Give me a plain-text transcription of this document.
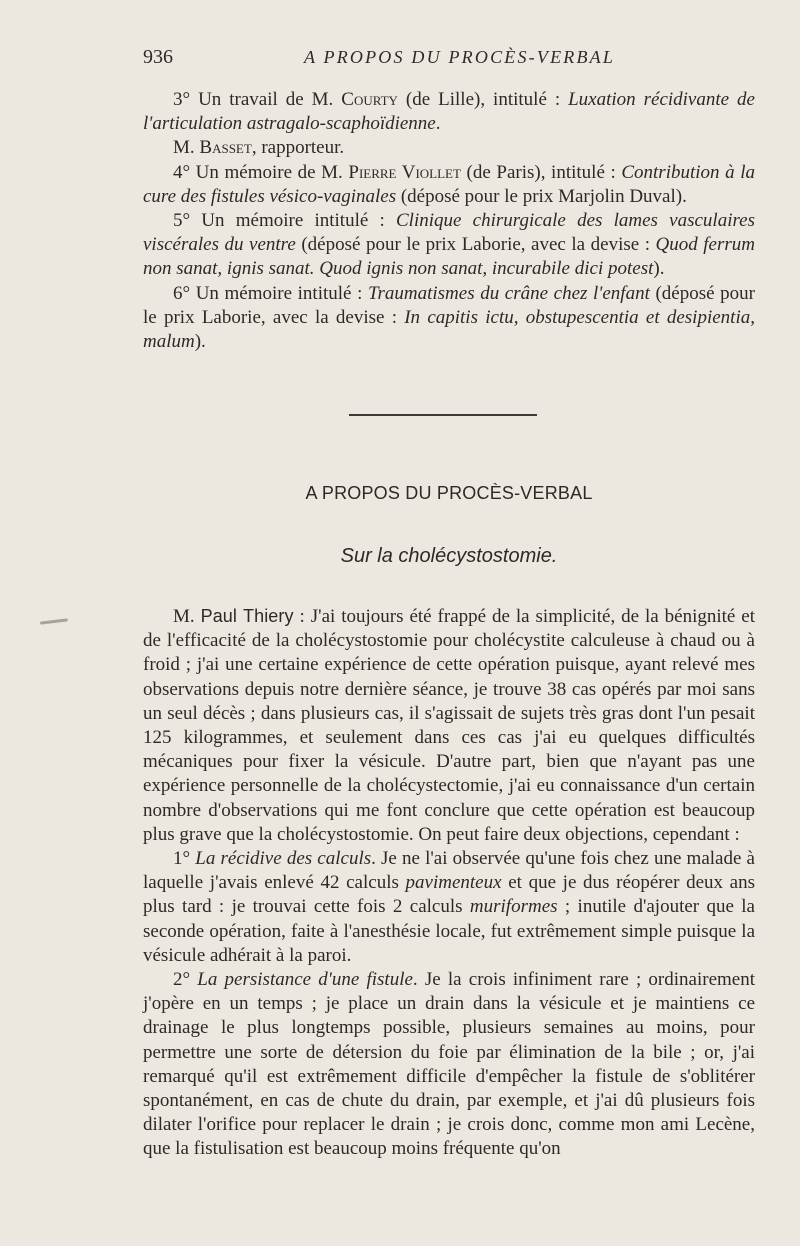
936	A PROPOS DU PROCÈS-VERBAL

3° Un travail de M. Courty (de Lille), intitulé : Luxation récidivante de l'articulation astragalo-scaphoïdienne.

M. Basset, rapporteur.

4° Un mémoire de M. Pierre Viollet (de Paris), intitulé : Contribution à la cure des fistules vésico-vaginales (déposé pour le prix Marjolin Duval).

5° Un mémoire intitulé : Clinique chirurgicale des lames vasculaires viscérales du ventre (déposé pour le prix Laborie, avec la devise : Quod ferrum non sanat, ignis sanat. Quod ignis non sanat, incurabile dici potest).

6° Un mémoire intitulé : Traumatismes du crâne chez l'enfant (déposé pour le prix Laborie, avec la devise : In capitis ictu, obstupescentia et desipientia, malum).

A PROPOS DU PROCÈS-VERBAL
Sur la cholécystostomie.

M. Paul Thiery : J'ai toujours été frappé de la simplicité, de la bénignité et de l'efficacité de la cholécystostomie pour cholécystite calculeuse à chaud ou à froid ; j'ai une certaine expérience de cette opération puisque, ayant relevé mes observations depuis notre dernière séance, je trouve 38 cas opérés par moi sans un seul décès ; dans plusieurs cas, il s'agissait de sujets très gras dont l'un pesait 125 kilogrammes, et seulement dans ces cas j'ai eu quelques difficultés mécaniques pour fixer la vésicule. D'autre part, bien que n'ayant pas une expérience personnelle de la cholécystectomie, j'ai eu connaissance d'un certain nombre d'observations qui me font conclure que cette opération est beaucoup plus grave que la cholécystostomie. On peut faire deux objections, cependant :

1° La récidive des calculs. Je ne l'ai observée qu'une fois chez une malade à laquelle j'avais enlevé 42 calculs pavimenteux et que je dus réopérer deux ans plus tard : je trouvai cette fois 2 calculs muriformes ; inutile d'ajouter que la seconde opération, faite à l'anesthésie locale, fut extrêmement simple puisque la vésicule adhérait à la paroi.

2° La persistance d'une fistule. Je la crois infiniment rare ; ordinairement j'opère en un temps ; je place un drain dans la vésicule et je maintiens ce drainage le plus longtemps possible, plusieurs semaines au moins, pour permettre une sorte de détersion du foie par élimination de la bile ; or, j'ai remarqué qu'il est extrêmement difficile d'empêcher la fistule de s'oblitérer spontanément, en cas de chute du drain, par exemple, et j'ai dû plusieurs fois dilater l'orifice pour replacer le drain ; je crois donc, comme mon ami Lecène, que la fistulisation est beaucoup moins fréquente qu'on
